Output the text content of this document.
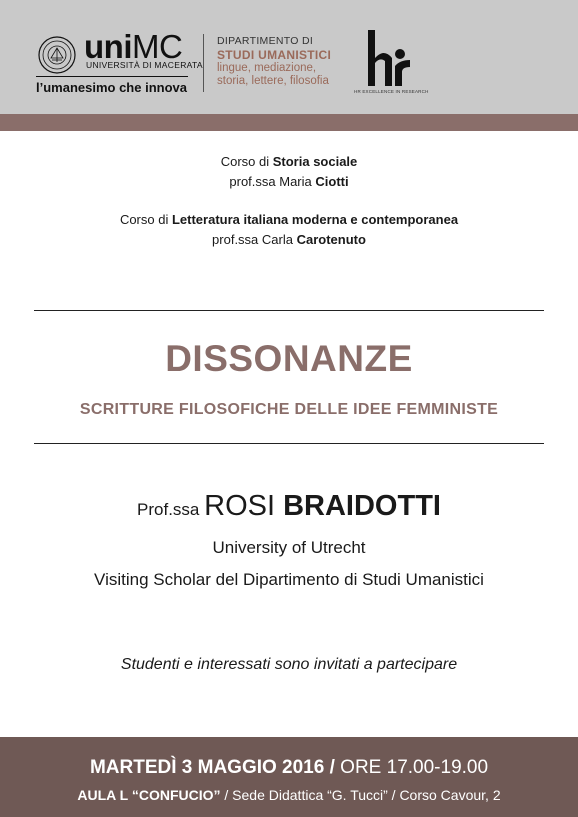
uniMC
UNIVERSITÀ DI MACERATA
l’umanesimo che innova
DIPARTIMENTO DI
STUDI UMANISTICI
lingue, mediazione,
storia, lettere, filosofia
HR EXCELLENCE IN RESEARCH

Corso di Storia sociale

prof.ssa Maria Ciotti

Corso di Letteratura italiana moderna e contemporanea

prof.ssa Carla Carotenuto

DISSONANZE
SCRITTURE FILOSOFICHE DELLE IDEE FEMMINISTE
Prof.ssa ROSI BRAIDOTTI
University of Utrecht
Visiting Scholar del Dipartimento di Studi Umanistici
Studenti e interessati sono invitati a partecipare
MARTEDÌ 3 MAGGIO 2016 / ORE 17.00-19.00
AULA L “CONFUCIO” / Sede Didattica “G. Tucci” / Corso Cavour, 2
